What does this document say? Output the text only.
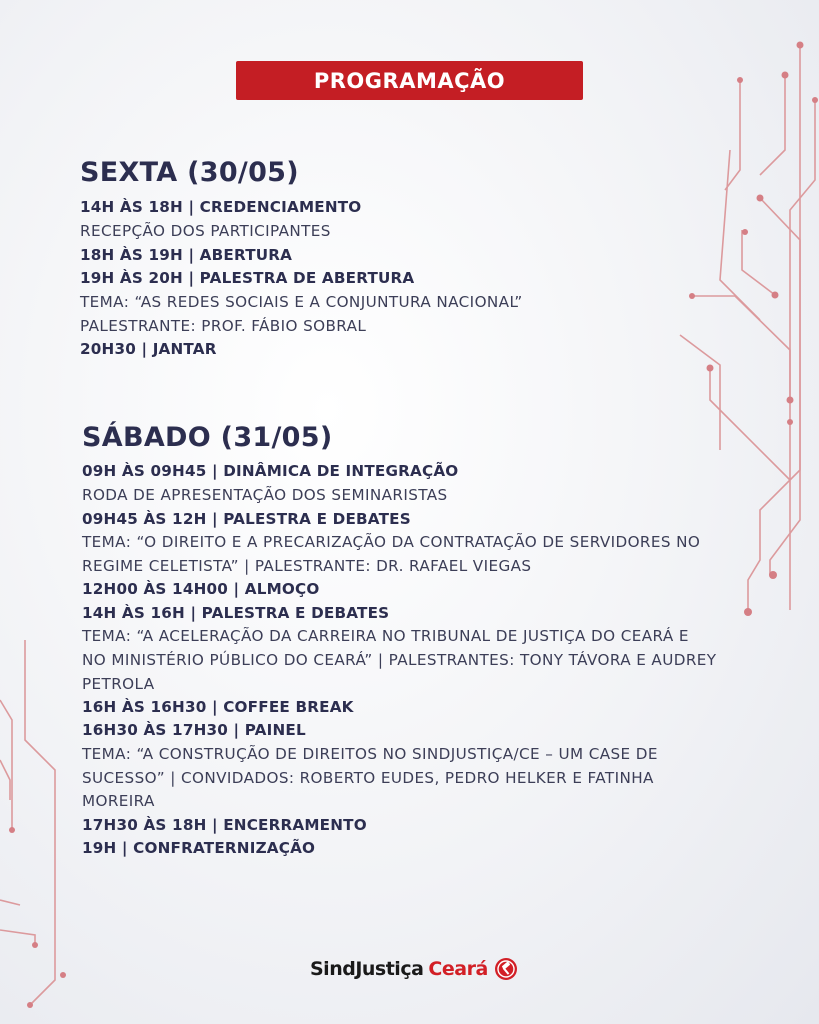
PROGRAMAÇÃO
SEXTA (30/05)
14H ÀS 18H | CREDENCIAMENTO
RECEPÇÃO DOS PARTICIPANTES
18H ÀS 19H | ABERTURA
19H ÀS 20H | PALESTRA DE ABERTURA
TEMA: “AS REDES SOCIAIS E A CONJUNTURA NACIONAL”
PALESTRANTE: PROF. FÁBIO SOBRAL
20H30 | JANTAR
SÁBADO (31/05)
09H ÀS 09H45 | DINÂMICA DE INTEGRAÇÃO
RODA DE APRESENTAÇÃO DOS SEMINARISTAS
09H45 ÀS 12H | PALESTRA E DEBATES
TEMA: “O DIREITO E A PRECARIZAÇÃO DA CONTRATAÇÃO DE SERVIDORES NO
REGIME CELETISTA” | PALESTRANTE: DR. RAFAEL VIEGAS
12H00 ÀS 14H00 | ALMOÇO
14H ÀS 16H | PALESTRA E DEBATES
TEMA: “A ACELERAÇÃO DA CARREIRA NO TRIBUNAL DE JUSTIÇA DO CEARÁ E
NO MINISTÉRIO PÚBLICO DO CEARÁ” | PALESTRANTES: TONY TÁVORA E AUDREY
PETROLA
16H ÀS 16H30 | COFFEE BREAK
16H30 ÀS 17H30 | PAINEL
TEMA: “A CONSTRUÇÃO DE DIREITOS NO SINDJUSTIÇA/CE – UM CASE DE
SUCESSO” | CONVIDADOS: ROBERTO EUDES, PEDRO HELKER E FATINHA
MOREIRA
17H30 ÀS 18H | ENCERRAMENTO
19H | CONFRATERNIZAÇÃO
SindJustiça Ceará
